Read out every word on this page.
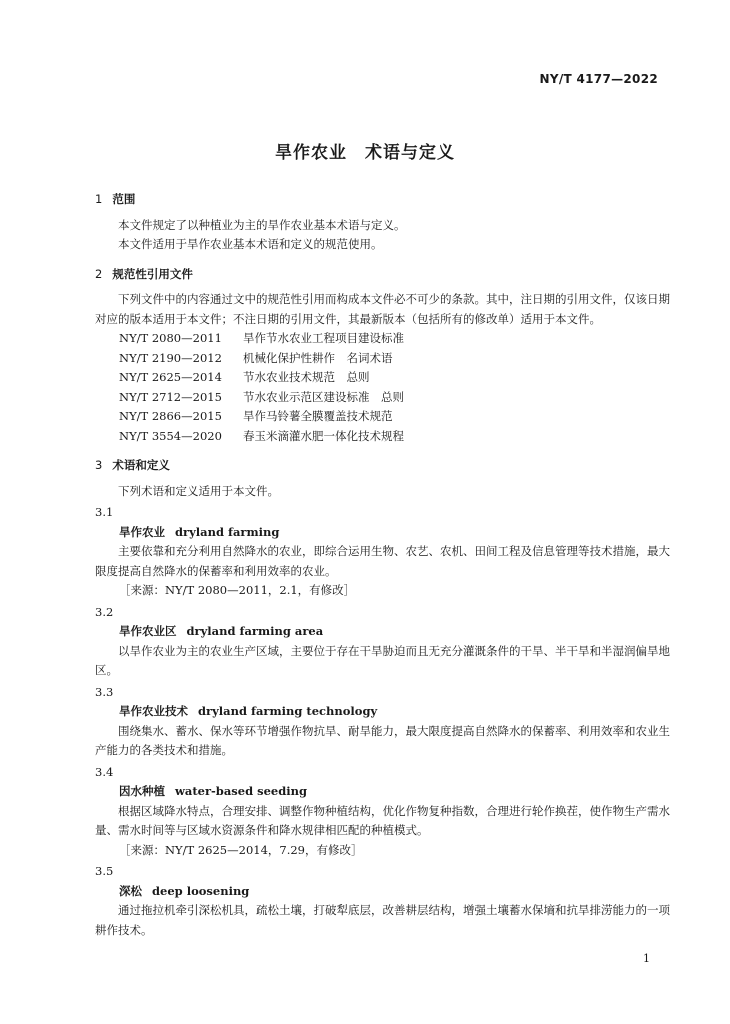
NY/T 4177—2022
旱作农业　术语与定义
1 范围
本文件规定了以种植业为主的旱作农业基本术语与定义。
本文件适用于旱作农业基本术语和定义的规范使用。
2 规范性引用文件
下列文件中的内容通过文中的规范性引用而构成本文件必不可少的条款。其中，注日期的引用文件，仅该日期对应的版本适用于本文件；不注日期的引用文件，其最新版本（包括所有的修改单）适用于本文件。
NY/T 2080—2011	旱作节水农业工程项目建设标准
NY/T 2190—2012	机械化保护性耕作　名词术语
NY/T 2625—2014	节水农业技术规范　总则
NY/T 2712—2015	节水农业示范区建设标准　总则
NY/T 2866—2015	旱作马铃薯全膜覆盖技术规范
NY/T 3554—2020	春玉米滴灌水肥一体化技术规程
3 术语和定义
下列术语和定义适用于本文件。
3.1
旱作农业 dryland farming
主要依靠和充分利用自然降水的农业，即综合运用生物、农艺、农机、田间工程及信息管理等技术措施，最大限度提高自然降水的保蓄率和利用效率的农业。
［来源：NY/T 2080—2011，2.1，有修改］
3.2
旱作农业区 dryland farming area
以旱作农业为主的农业生产区域，主要位于存在干旱胁迫而且无充分灌溉条件的干旱、半干旱和半湿润偏旱地区。
3.3
旱作农业技术 dryland farming technology
围绕集水、蓄水、保水等环节增强作物抗旱、耐旱能力，最大限度提高自然降水的保蓄率、利用效率和农业生产能力的各类技术和措施。
3.4
因水种植 water-based seeding
根据区域降水特点，合理安排、调整作物种植结构，优化作物复种指数，合理进行轮作换茬，使作物生产需水量、需水时间等与区域水资源条件和降水规律相匹配的种植模式。
［来源：NY/T 2625—2014，7.29，有修改］
3.5
深松 deep loosening
通过拖拉机牵引深松机具，疏松土壤，打破犁底层，改善耕层结构，增强土壤蓄水保墒和抗旱排涝能力的一项耕作技术。
1
